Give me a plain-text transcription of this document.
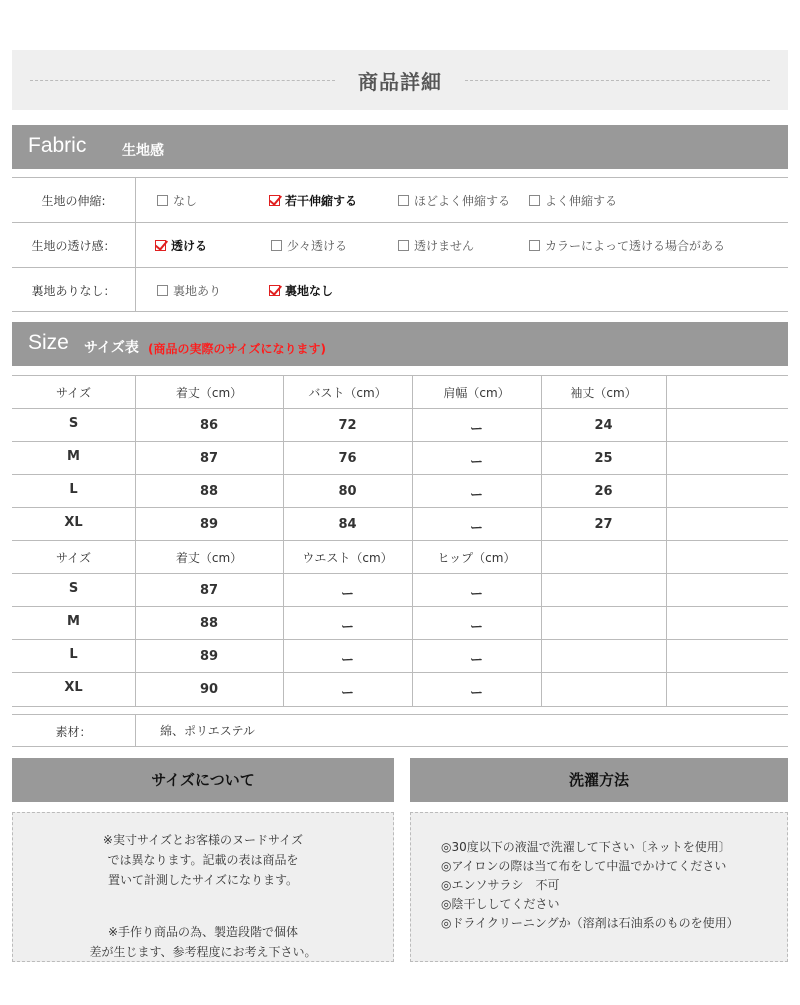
商品詳細
Fabric	生地感
生地の伸縮:	なし	若干伸縮する	ほどよく伸縮する	よく伸縮する
生地の透け感：	透ける	少々透ける	透けません	カラーによって透ける場合がある
裏地ありなし：	裏地あり	裏地なし
Size サイズ表 (商品の実際のサイズになります)
サイズ	着丈（cm）	バスト（cm）	肩幅（cm）	袖丈（cm）
S	86	72	ー	24
M	87	76	ー	25
L	88	80	ー	26
XL	89	84	ー	27
サイズ	着丈（cm）	ウエスト（cm）	ヒップ（cm）
S	87	ー	ー
M	88	ー	ー
L	89	ー	ー
XL	90	ー	ー
素材：	綿、ポリエステル
サイズについて
※実寸サイズとお客様のヌードサイズ
では異なります。記載の表は商品を
置いて計測したサイズになります。
※手作り商品の為、製造段階で個体
差が生じます、参考程度にお考え下さい。
洗濯方法
◎30度以下の液温で洗濯して下さい〔ネットを使用〕
◎アイロンの際は当て布をして中温でかけてください
◎エンソサラシ　不可
◎陰干ししてください
◎ドライクリーニングか（溶剤は石油系のものを使用）
